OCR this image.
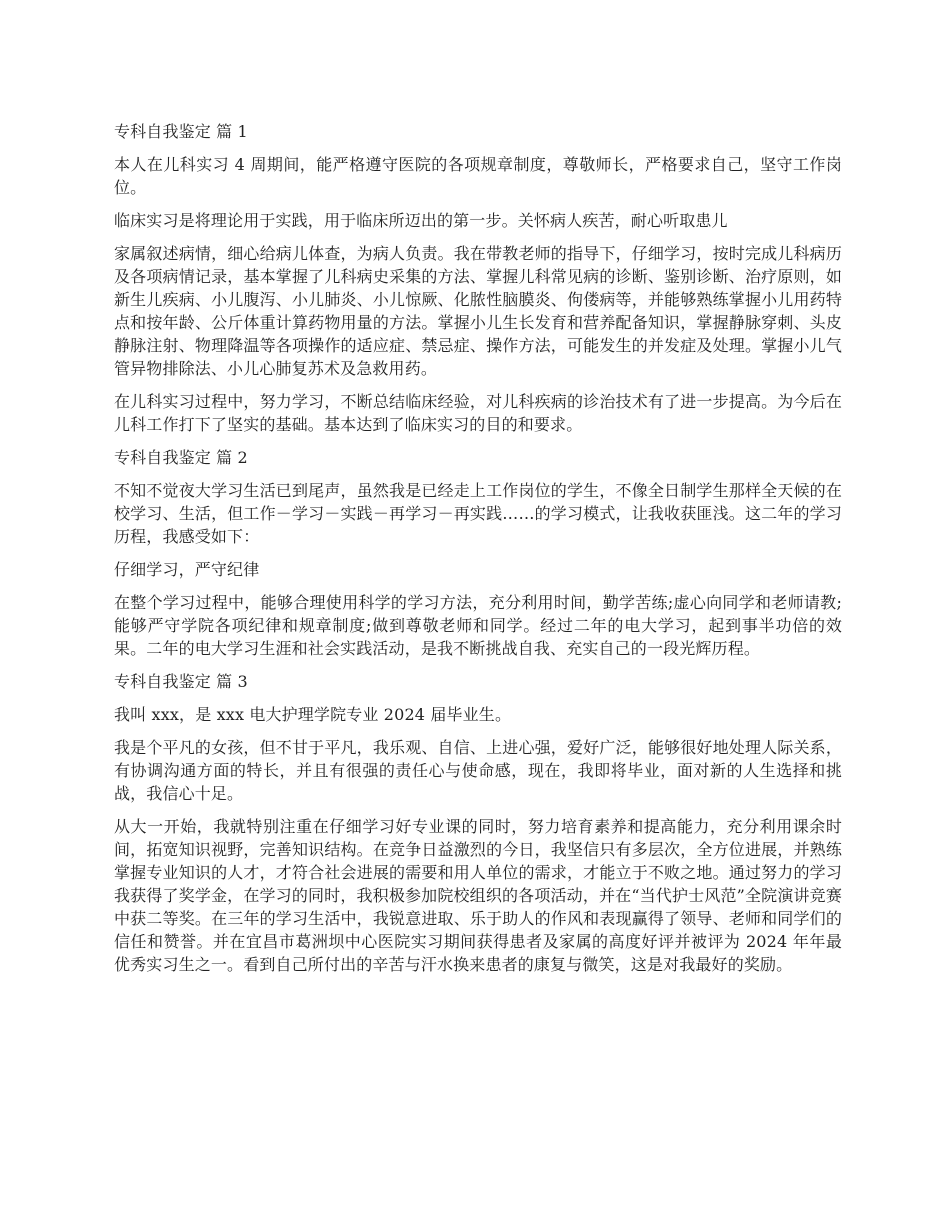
专科自我鉴定 篇 1

本人在儿科实习 4 周期间，能严格遵守医院的各项规章制度，尊敬师长，严格要求自己，坚守工作岗位。

临床实习是将理论用于实践，用于临床所迈出的第一步。关怀病人疾苦，耐心听取患儿

家属叙述病情，细心给病儿体查，为病人负责。我在带教老师的指导下，仔细学习，按时完成儿科病历及各项病情记录，基本掌握了儿科病史采集的方法、掌握儿科常见病的诊断、鉴别诊断、治疗原则，如新生儿疾病、小儿腹泻、小儿肺炎、小儿惊厥、化脓性脑膜炎、佝偻病等，并能够熟练掌握小儿用药特点和按年龄、公斤体重计算药物用量的方法。掌握小儿生长发育和营养配备知识，掌握静脉穿刺、头皮静脉注射、物理降温等各项操作的适应症、禁忌症、操作方法，可能发生的并发症及处理。掌握小儿气管异物排除法、小儿心肺复苏术及急救用药。

在儿科实习过程中，努力学习，不断总结临床经验，对儿科疾病的诊治技术有了进一步提高。为今后在儿科工作打下了坚实的基础。基本达到了临床实习的目的和要求。

专科自我鉴定 篇 2

不知不觉夜大学习生活已到尾声，虽然我是已经走上工作岗位的学生，不像全日制学生那样全天候的在校学习、生活，但工作－学习－实践－再学习－再实践……的学习模式，让我收获匪浅。这二年的学习历程，我感受如下：

仔细学习，严守纪律

在整个学习过程中，能够合理使用科学的学习方法，充分利用时间，勤学苦练;虚心向同学和老师请教;能够严守学院各项纪律和规章制度;做到尊敬老师和同学。经过二年的电大学习，起到事半功倍的效果。二年的电大学习生涯和社会实践活动，是我不断挑战自我、充实自己的一段光辉历程。

专科自我鉴定 篇 3

我叫 xxx，是 xxx 电大护理学院专业 2024 届毕业生。

我是个平凡的女孩，但不甘于平凡，我乐观、自信、上进心强，爱好广泛，能够很好地处理人际关系，有协调沟通方面的特长，并且有很强的责任心与使命感，现在，我即将毕业，面对新的人生选择和挑战，我信心十足。

从大一开始，我就特别注重在仔细学习好专业课的同时，努力培育素养和提高能力，充分利用课余时间，拓宽知识视野，完善知识结构。在竞争日益激烈的今日，我坚信只有多层次，全方位进展，并熟练掌握专业知识的人才，才符合社会进展的需要和用人单位的需求，才能立于不败之地。通过努力的学习我获得了奖学金，在学习的同时，我积极参加院校组织的各项活动，并在“当代护士风范”全院演讲竞赛中获二等奖。在三年的学习生活中，我锐意进取、乐于助人的作风和表现赢得了领导、老师和同学们的信任和赞誉。并在宜昌市葛洲坝中心医院实习期间获得患者及家属的高度好评并被评为 2024 年年最优秀实习生之一。看到自己所付出的辛苦与汗水换来患者的康复与微笑，这是对我最好的奖励。
